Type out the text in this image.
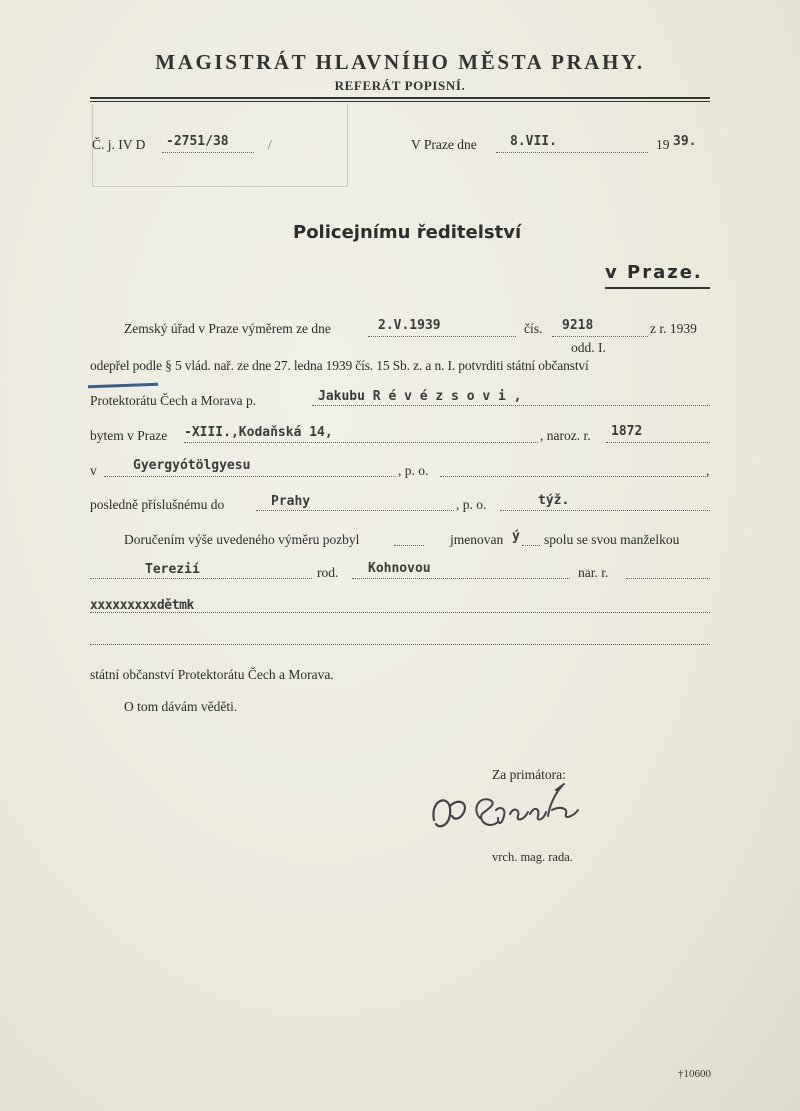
MAGISTRÁT HLAVNÍHO MĚSTA PRAHY.
REFERÁT POPISNÍ.
Č. j. IV D -2751/38	/	V Praze dne	8.VII.	19 39.
Policejnímu ředitelství
v Praze.
Zemský úřad v Praze výměrem ze dne	2.V.1939	čís. 9218	z r. 1939
odd. I.
odepřel podle § 5 vlád. nař. ze dne 27. ledna 1939 čís. 15 Sb. z. a n. I. potvrditi státní občanství
Protektorátu Čech a Morava p.	Jakubu R é v é z s o v i ,
bytem v Praze -XIII.,Kodaňská 14,	, naroz. r. 1872
v	Gyergyótölgyesu	, p. o.	,
posledně příslušnému do	Prahy	, p. o.	týž.
Doručením výše uvedeného výměru pozbyl	jmenovan ý spolu se svou manželkou
Terezií	rod. Kohnovou	nar. r.
xxxxxxxxxdětmk
státní občanství Protektorátu Čech a Morava.
O tom dávám věděti.
Za primátora:
vrch. mag. rada.
†10600
